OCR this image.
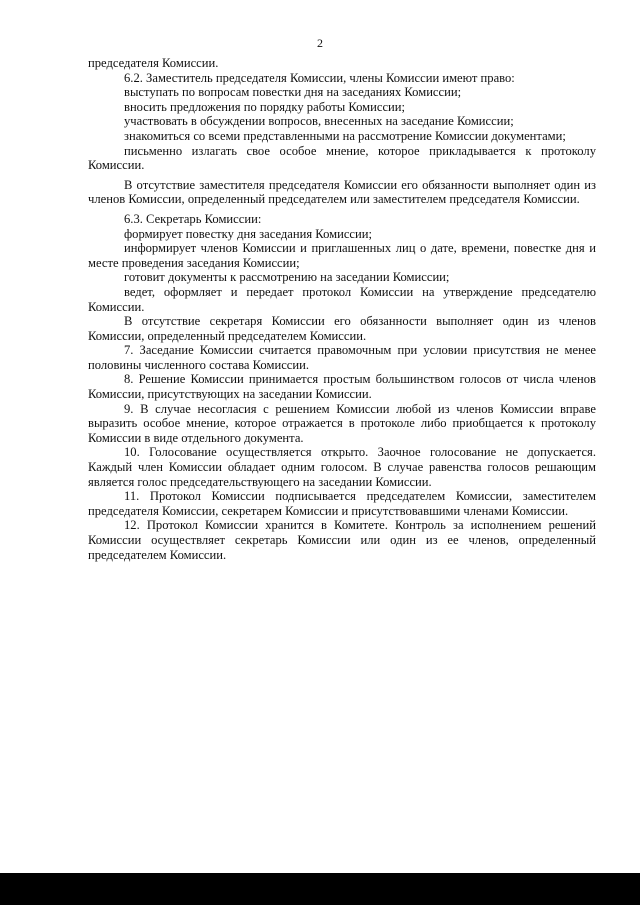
2

председателя Комиссии.

6.2. Заместитель председателя Комиссии, члены Комиссии имеют право:

выступать по вопросам повестки дня на заседаниях Комиссии;

вносить предложения по порядку работы Комиссии;

участвовать в обсуждении вопросов, внесенных на заседание Комиссии;

знакомиться со всеми представленными на рассмотрение Комиссии документами;

письменно излагать свое особое мнение, которое прикладывается к протоколу Комиссии.

В отсутствие заместителя председателя Комиссии его обязанности выполняет один из членов Комиссии, определенный председателем или заместителем председателя Комиссии.

6.3. Секретарь Комиссии:

формирует повестку дня заседания Комиссии;

информирует членов Комиссии и приглашенных лиц о дате, времени, повестке дня и месте проведения заседания Комиссии;

готовит документы к рассмотрению на заседании Комиссии;

ведет, оформляет и передает протокол Комиссии на утверждение председателю Комиссии.

В отсутствие секретаря Комиссии его обязанности выполняет один из членов Комиссии, определенный председателем Комиссии.

7. Заседание Комиссии считается правомочным при условии присутствия не менее половины численного состава Комиссии.

8. Решение Комиссии принимается простым большинством голосов от числа членов Комиссии, присутствующих на заседании Комиссии.

9. В случае несогласия с решением Комиссии любой из членов Комиссии вправе выразить особое мнение, которое отражается в протоколе либо приобщается к протоколу Комиссии в виде отдельного документа.

10. Голосование осуществляется открыто. Заочное голосование не допускается. Каждый член Комиссии обладает одним голосом. В случае равенства голосов решающим является голос председательствующего на заседании Комиссии.

11. Протокол Комиссии подписывается председателем Комиссии, заместителем председателя Комиссии, секретарем Комиссии и присутствовавшими членами Комиссии.

12. Протокол Комиссии хранится в Комитете. Контроль за исполнением решений Комиссии осуществляет секретарь Комиссии или один из ее членов, определенный председателем Комиссии.
